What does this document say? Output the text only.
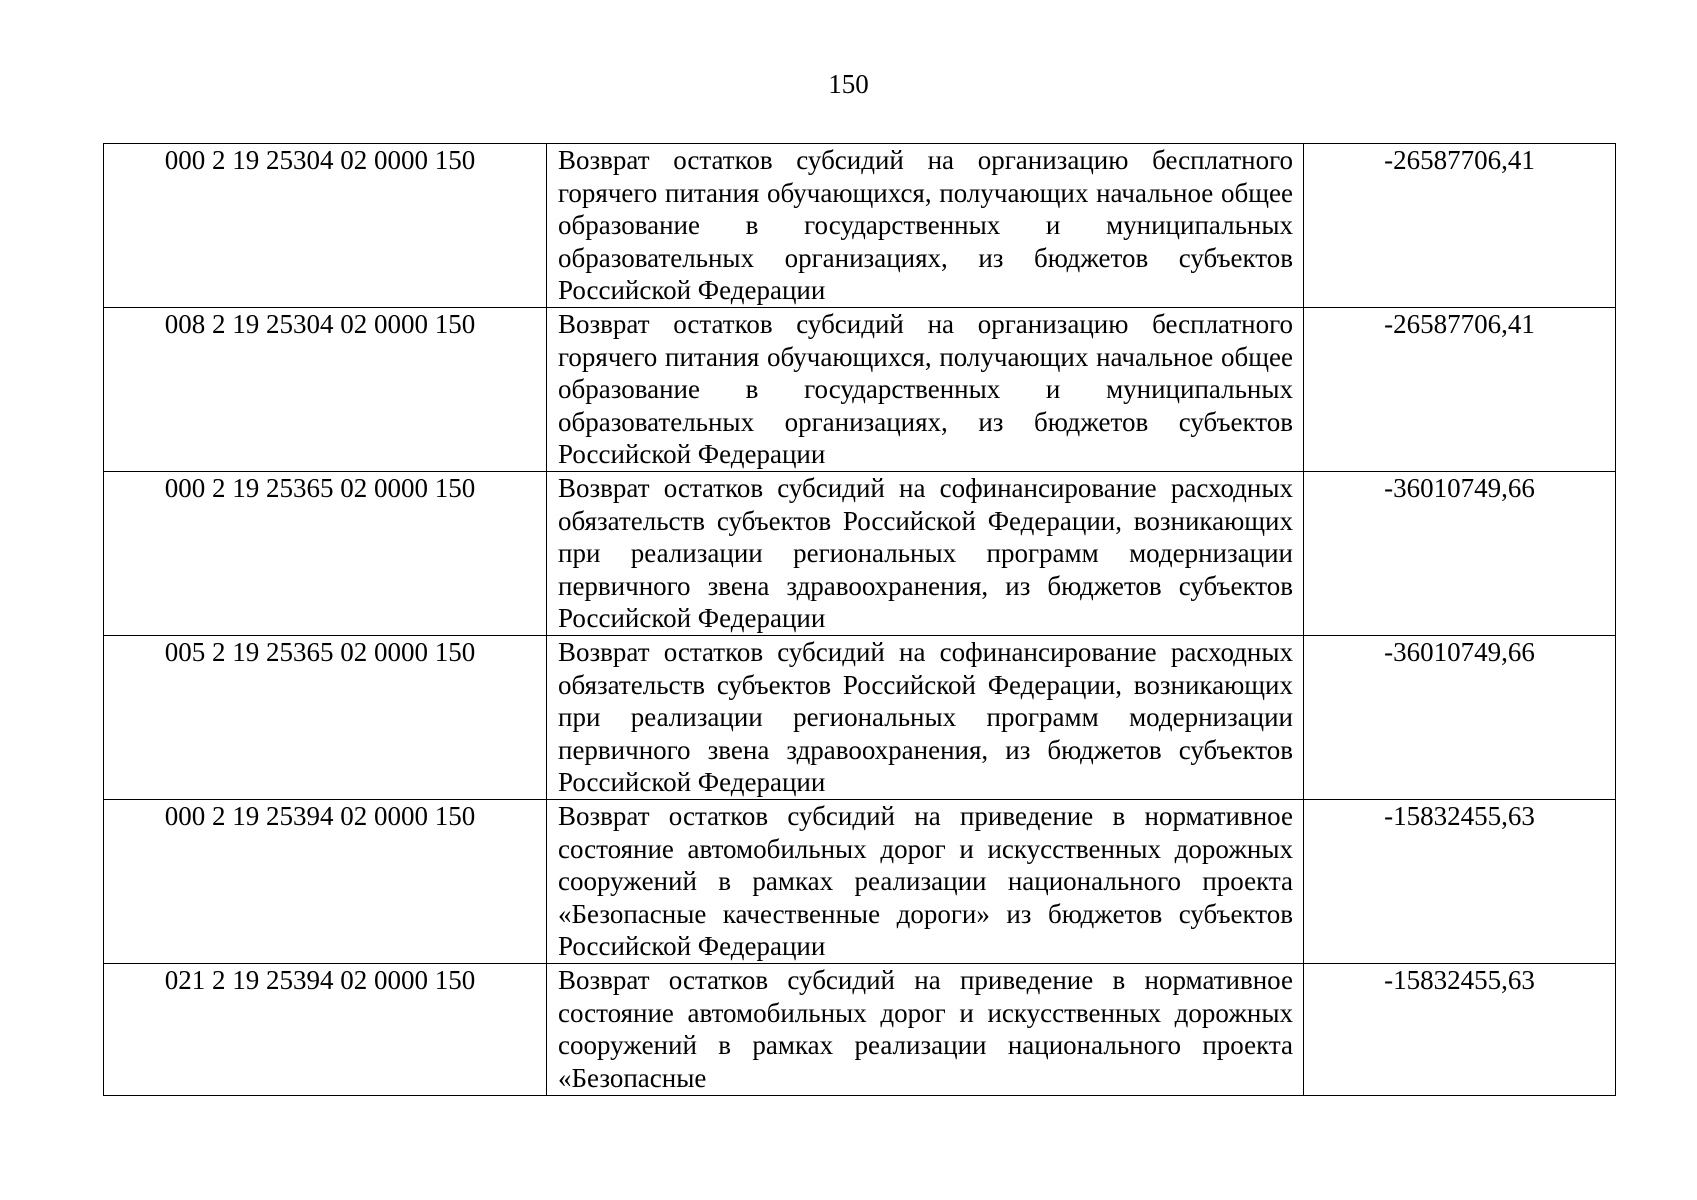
150
000 2 19 25304 02 0000 150	Возврат остатков субсидий на организацию бесплатного горячего питания обучающихся, получающих начальное общее образование в государственных и муниципальных образовательных организациях, из бюджетов субъектов Российской Федерации	-26587706,41
008 2 19 25304 02 0000 150	Возврат остатков субсидий на организацию бесплатного горячего питания обучающихся, получающих начальное общее образование в государственных и муниципальных образовательных организациях, из бюджетов субъектов Российской Федерации	-26587706,41
000 2 19 25365 02 0000 150	Возврат остатков субсидий на софинансирование расходных обязательств субъектов Российской Федерации, возникающих при реализации региональных программ модернизации первичного звена здравоохранения, из бюджетов субъектов Российской Федерации	-36010749,66
005 2 19 25365 02 0000 150	Возврат остатков субсидий на софинансирование расходных обязательств субъектов Российской Федерации, возникающих при реализации региональных программ модернизации первичного звена здравоохранения, из бюджетов субъектов Российской Федерации	-36010749,66
000 2 19 25394 02 0000 150	Возврат остатков субсидий на приведение в нормативное состояние автомобильных дорог и искусственных дорожных сооружений в рамках реализации национального проекта «Безопасные качественные дороги» из бюджетов субъектов Российской Федерации	-15832455,63
021 2 19 25394 02 0000 150	Возврат остатков субсидий на приведение в нормативное состояние автомобильных дорог и искусственных дорожных сооружений в рамках реализации национального проекта «Безопасные	-15832455,63
